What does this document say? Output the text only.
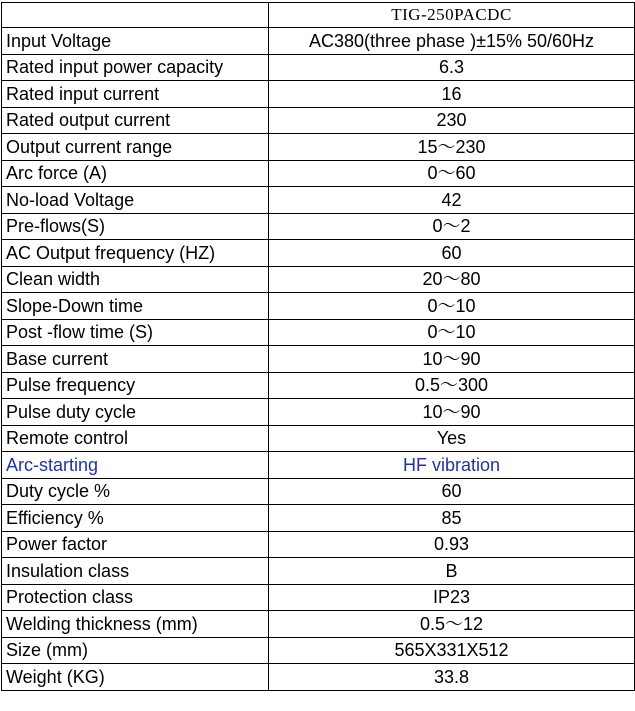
	TIG-250PACDC
Input Voltage	AC380(three phase )±15% 50/60Hz
Rated input power capacity	6.3
Rated input current	16
Rated output current	230
Output current range	15～230
Arc force (A)	0～60
No-load Voltage	42
Pre-flows(S)	0～2
AC Output frequency (HZ)	60
Clean width	20～80
Slope-Down time	0～10
Post -flow time (S)	0～10
Base current	10～90
Pulse frequency	0.5～300
Pulse duty cycle	10～90
Remote control	Yes
Arc-starting	HF vibration
Duty cycle %	60
Efficiency %	85
Power factor	0.93
Insulation class	B
Protection class	IP23
Welding thickness (mm)	0.5～12
Size (mm)	565X331X512
Weight (KG)	33.8
